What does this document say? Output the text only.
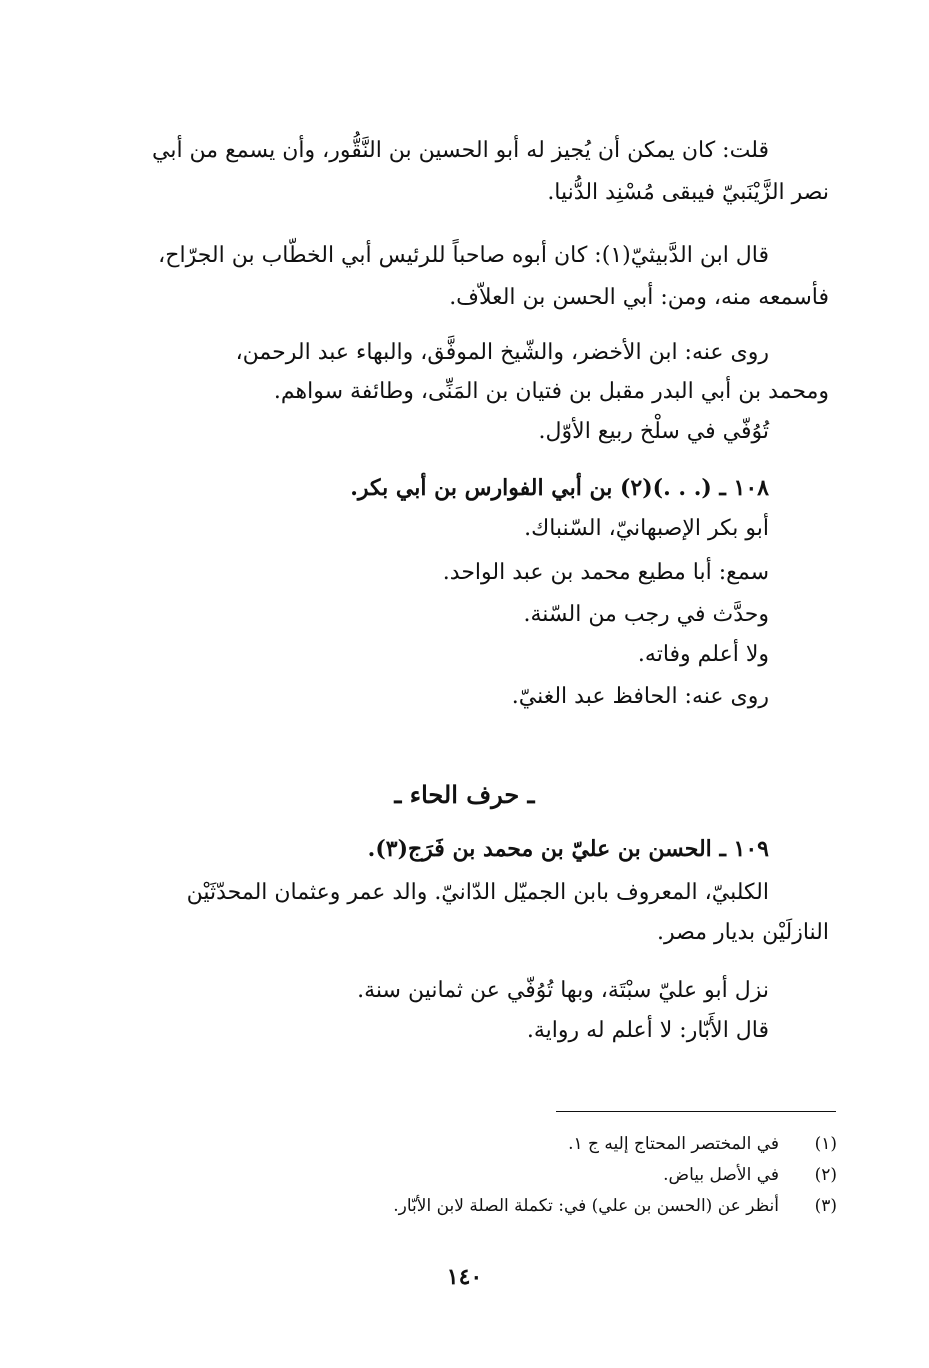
قلت: كان يمكن أن يُجيز له أبو الحسين بن النَّقُّور، وأن يسمع من أبي
نصر الزَّيْنَبيّ فيبقى مُسْنِد الدُّنيا.
قال ابن الدَّبيثيّ(١): كان أبوه صاحباً للرئيس أبي الخطّاب بن الجرّاح،
فأسمعه منه، ومن: أبي الحسن بن العلاّف.
روى عنه: ابن الأخضر، والشّيخ الموفَّق، والبهاء عبد الرحمن،
ومحمد بن أبي البدر مقبل بن فتيان بن المَنِّى، وطائفة سواهم.
تُوُفّي في سلْخ ربيع الأوّل.
١٠٨ ـ (. . .)(٢) بن أبي الفوارس بن أبي بكر.
أبو بكر الإصبهانيّ، السّنباك.
سمع: أبا مطيع محمد بن عبد الواحد.
وحدَّث في رجب من السّنة.
ولا أعلم وفاته.
روى عنه: الحافظ عبد الغنيّ.
ـ حرف الحاء ـ
١٠٩ ـ الحسن بن عليّ بن محمد بن فَرَج(٣).
الكلبيّ، المعروف بابن الجميّل الدّانيّ. والد عمر وعثمان المحدّثَيْن
النازلَيْن بديار مصر.
نزل أبو عليّ سبْتَة، وبها تُوُفّي عن ثمانين سنة.
قال الأَبّار: لا أعلم له رواية.
(١)
في المختصر المحتاج إليه ج ١.
(٢)
في الأصل بياض.
(٣)
أنظر عن (الحسن بن علي) في: تكملة الصلة لابن الأبّار.
١٤٠
